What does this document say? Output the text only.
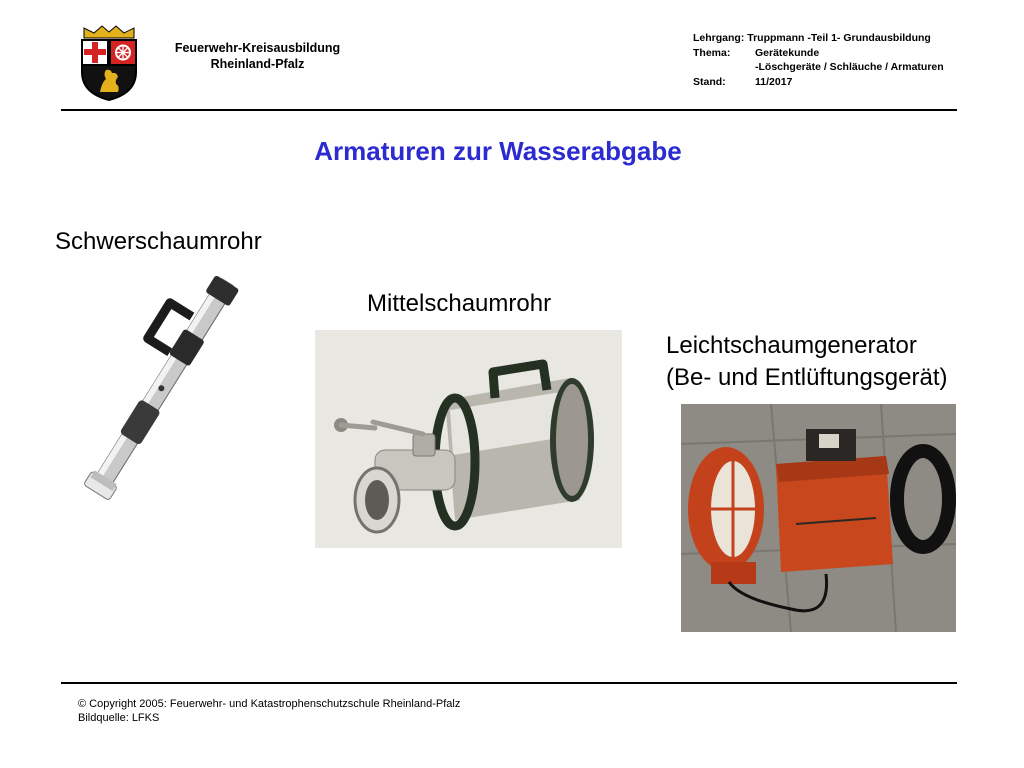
Feuerwehr-Kreisausbildung
Rheinland-Pfalz
Lehrgang:
Truppmann -Teil 1- Grundausbildung
Thema:	Gerätekunde
-Löschgeräte / Schläuche / Armaturen
Stand:	11/2017
Armaturen zur Wasserabgabe
Schwerschaumrohr
Mittelschaumrohr
Leichtschaumgenerator
(Be- und Entlüftungsgerät)
© Copyright 2005: Feuerwehr- und Katastrophenschutzschule Rheinland-Pfalz
Bildquelle: LFKS
